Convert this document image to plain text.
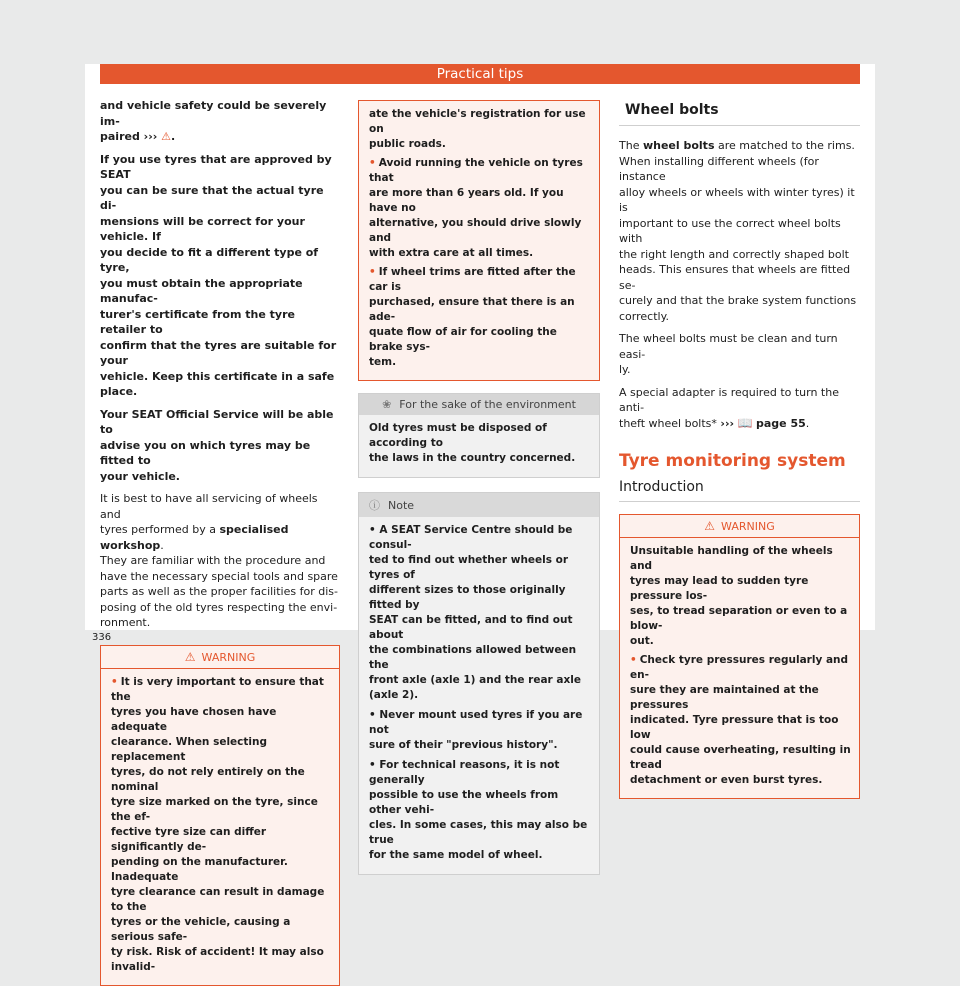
Practical tips

and vehicle safety could be severely im-
paired ››› ⚠.

If you use tyres that are approved by SEAT
you can be sure that the actual tyre di-
mensions will be correct for your vehicle. If
you decide to fit a different type of tyre,
you must obtain the appropriate manufac-
turer's certificate from the tyre retailer to
confirm that the tyres are suitable for your
vehicle. Keep this certificate in a safe
place.

Your SEAT Official Service will be able to
advise you on which tyres may be fitted to
your vehicle.

It is best to have all servicing of wheels and
tyres performed by a specialised workshop.
They are familiar with the procedure and
have the necessary special tools and spare
parts as well as the proper facilities for dis-
posing of the old tyres respecting the envi-
ronment.

⚠ WARNING

• It is very important to ensure that the
tyres you have chosen have adequate
clearance. When selecting replacement
tyres, do not rely entirely on the nominal
tyre size marked on the tyre, since the ef-
fective tyre size can differ significantly de-
pending on the manufacturer. Inadequate
tyre clearance can result in damage to the
tyres or the vehicle, causing a serious safe-
ty risk. Risk of accident! It may also invalid-

ate the vehicle's registration for use on
public roads.

• Avoid running the vehicle on tyres that
are more than 6 years old. If you have no
alternative, you should drive slowly and
with extra care at all times.

• If wheel trims are fitted after the car is
purchased, ensure that there is an ade-
quate flow of air for cooling the brake sys-
tem.

❀ For the sake of the environment

Old tyres must be disposed of according to
the laws in the country concerned.

ⓘ Note

• A SEAT Service Centre should be consul-
ted to find out whether wheels or tyres of
different sizes to those originally fitted by
SEAT can be fitted, and to find out about
the combinations allowed between the
front axle (axle 1) and the rear axle (axle 2).

• Never mount used tyres if you are not
sure of their "previous history".

• For technical reasons, it is not generally
possible to use the wheels from other vehi-
cles. In some cases, this may also be true
for the same model of wheel.

Wheel bolts

The wheel bolts are matched to the rims.
When installing different wheels (for instance
alloy wheels or wheels with winter tyres) it is
important to use the correct wheel bolts with
the right length and correctly shaped bolt
heads. This ensures that wheels are fitted se-
curely and that the brake system functions
correctly.

The wheel bolts must be clean and turn easi-
ly.

A special adapter is required to turn the anti-
theft wheel bolts* ››› 📖 page 55.

Tyre monitoring system
Introduction
⚠ WARNING

Unsuitable handling of the wheels and
tyres may lead to sudden tyre pressure los-
ses, to tread separation or even to a blow-
out.

• Check tyre pressures regularly and en-
sure they are maintained at the pressures
indicated. Tyre pressure that is too low
could cause overheating, resulting in tread
detachment or even burst tyres.

336
